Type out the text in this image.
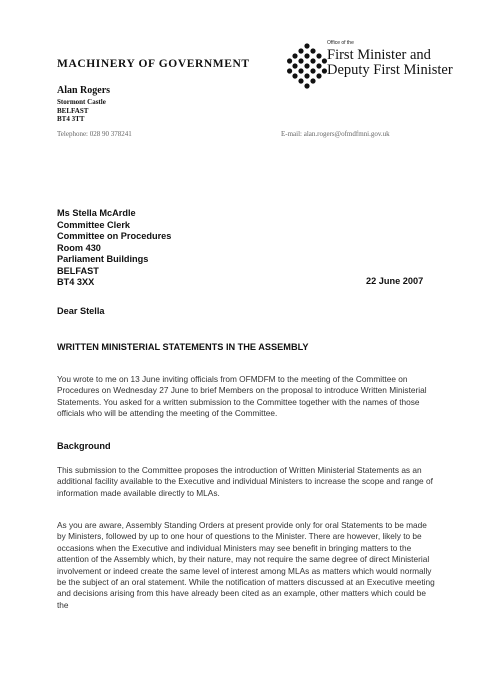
MACHINERY OF GOVERNMENT
Alan Rogers
Stormont Castle
BELFAST
BT4 3TT
Telephone: 028 90 378241	E-mail: alan.rogers@ofmdfmni.gov.uk
Office of the
First Minister and
Deputy First Minister
Ms Stella McArdle
Committee Clerk
Committee on Procedures
Room 430
Parliament Buildings
BELFAST
BT4 3XX	22 June 2007
Dear Stella
WRITTEN MINISTERIAL STATEMENTS IN THE ASSEMBLY
You wrote to me on 13 June inviting officials from OFMDFM to the meeting of the Committee on Procedures on Wednesday 27 June to brief Members on the proposal to introduce Written Ministerial Statements. You asked for a written submission to the Committee together with the names of those officials who will be attending the meeting of the Committee.
Background
This submission to the Committee proposes the introduction of Written Ministerial Statements as an additional facility available to the Executive and individual Ministers to increase the scope and range of information made available directly to MLAs.
As you are aware, Assembly Standing Orders at present provide only for oral Statements to be made by Ministers, followed by up to one hour of questions to the Minister. There are however, likely to be occasions when the Executive and individual Ministers may see benefit in bringing matters to the attention of the Assembly which, by their nature, may not require the same degree of direct Ministerial involvement or indeed create the same level of interest among MLAs as matters which would normally be the subject of an oral statement. While the notification of matters discussed at an Executive meeting and decisions arising from this have already been cited as an example, other matters which could be the
